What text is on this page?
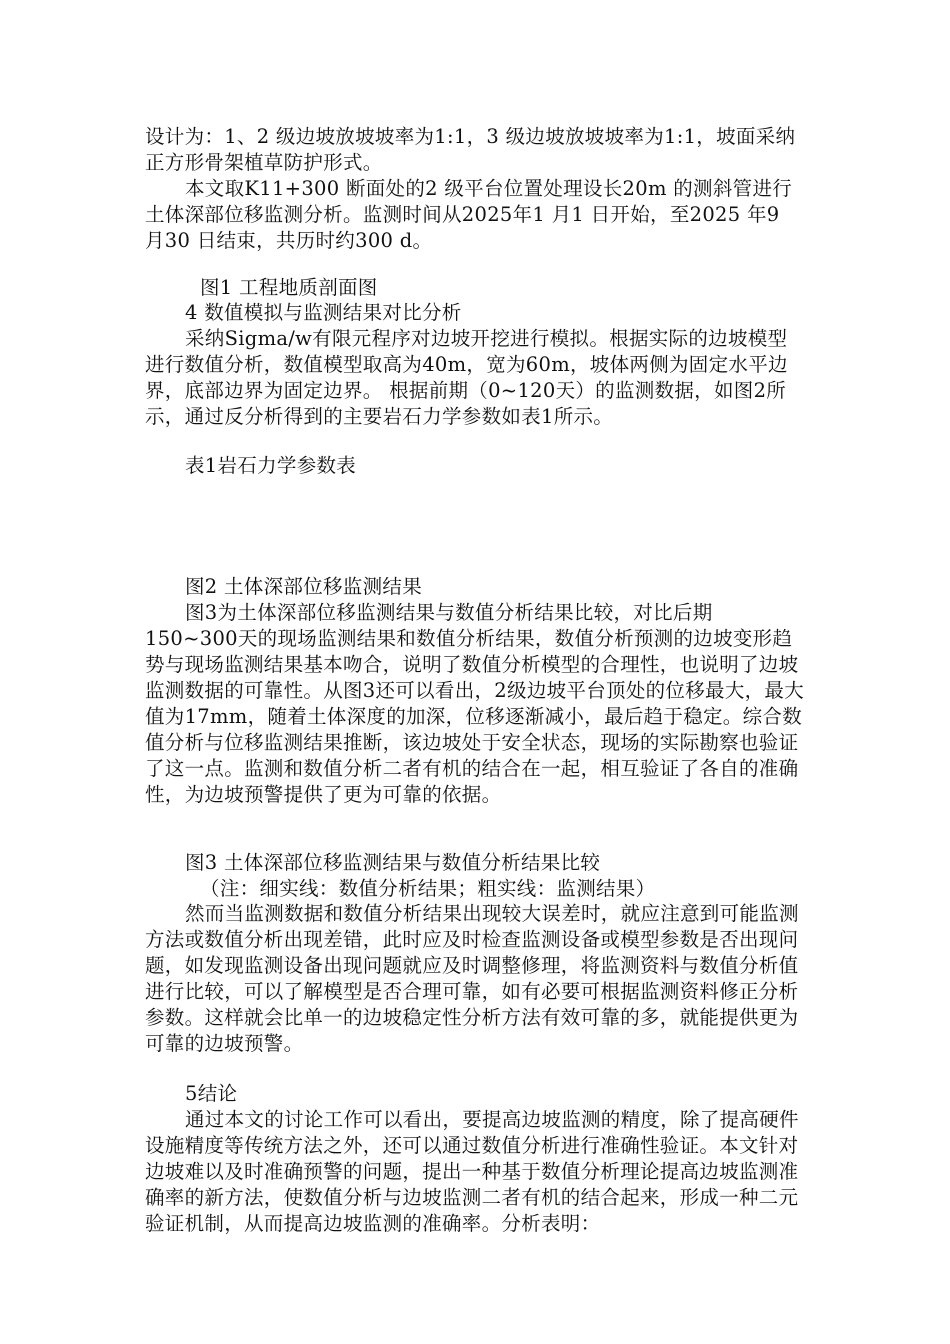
设计为：1、2 级边坡放坡坡率为1:1，3 级边坡放坡坡率为1:1，坡面采纳正方形骨架植草防护形式。

本文取K11+300 断面处的2 级平台位置处理设长20m 的测斜管进行土体深部位移监测分析。监测时间从2025年1 月1 日开始，至2025 年9 月30 日结束，共历时约300 d。

图1 工程地质剖面图

4 数值模拟与监测结果对比分析

采纳Sigma/w有限元程序对边坡开挖进行模拟。根据实际的边坡模型进行数值分析，数值模型取高为40m，宽为60m，坡体两侧为固定水平边界，底部边界为固定边界。 根据前期（0~120天）的监测数据，如图2所示，通过反分析得到的主要岩石力学参数如表1所示。

表1岩石力学参数表

图2 土体深部位移监测结果

图3为土体深部位移监测结果与数值分析结果比较，对比后期150~300天的现场监测结果和数值分析结果，数值分析预测的边坡变形趋势与现场监测结果基本吻合，说明了数值分析模型的合理性，也说明了边坡监测数据的可靠性。从图3还可以看出，2级边坡平台顶处的位移最大，最大值为17mm，随着土体深度的加深，位移逐渐减小，最后趋于稳定。综合数值分析与位移监测结果推断，该边坡处于安全状态，现场的实际勘察也验证了这一点。监测和数值分析二者有机的结合在一起，相互验证了各自的准确性，为边坡预警提供了更为可靠的依据。

图3 土体深部位移监测结果与数值分析结果比较

（注：细实线：数值分析结果；粗实线：监测结果）

然而当监测数据和数值分析结果出现较大误差时，就应注意到可能监测方法或数值分析出现差错，此时应及时检查监测设备或模型参数是否出现问题，如发现监测设备出现问题就应及时调整修理，将监测资料与数值分析值进行比较，可以了解模型是否合理可靠，如有必要可根据监测资料修正分析参数。这样就会比单一的边坡稳定性分析方法有效可靠的多，就能提供更为可靠的边坡预警。

5结论

通过本文的讨论工作可以看出，要提高边坡监测的精度，除了提高硬件设施精度等传统方法之外，还可以通过数值分析进行准确性验证。本文针对边坡难以及时准确预警的问题，提出一种基于数值分析理论提高边坡监测准确率的新方法，使数值分析与边坡监测二者有机的结合起来，形成一种二元验证机制，从而提高边坡监测的准确率。分析表明：
